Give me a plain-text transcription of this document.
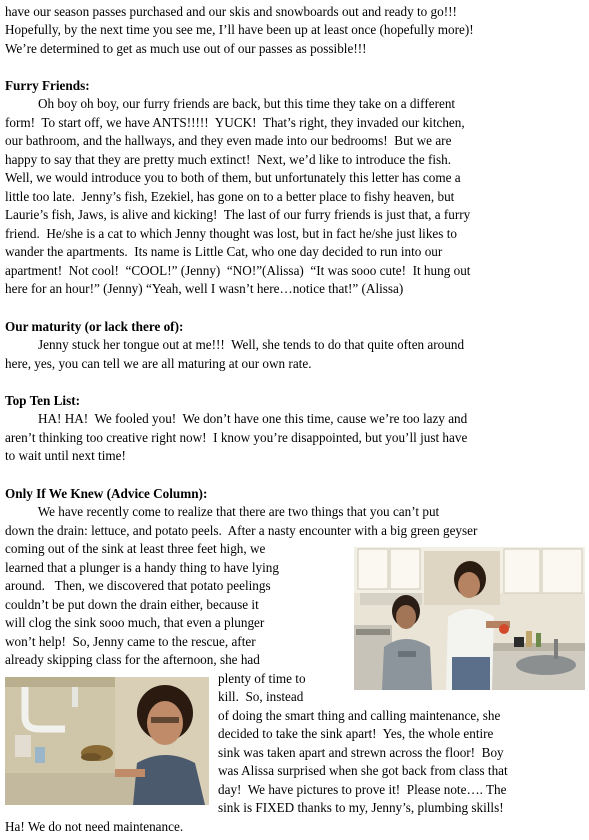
have our season passes purchased and our skis and snowboards out and ready to go!!!
Hopefully, by the next time you see me, I’ll have been up at least once (hopefully more)!
We’re determined to get as much use out of our passes as possible!!!
Furry Friends:
Oh boy oh boy, our furry friends are back, but this time they take on a different
form!  To start off, we have ANTS!!!!!  YUCK!  That’s right, they invaded our kitchen,
our bathroom, and the hallways, and they even made into our bedrooms!  But we are
happy to say that they are pretty much extinct!  Next, we’d like to introduce the fish.
Well, we would introduce you to both of them, but unfortunately this letter has come a
little too late.  Jenny’s fish, Ezekiel, has gone on to a better place to fishy heaven, but
Laurie’s fish, Jaws, is alive and kicking!  The last of our furry friends is just that, a furry
friend.  He/she is a cat to which Jenny thought was lost, but in fact he/she just likes to
wander the apartments.  Its name is Little Cat, who one day decided to run into our
apartment!  Not cool!  “COOL!” (Jenny)  “NO!”(Alissa)  “It was sooo cute!  It hung out
here for an hour!” (Jenny) “Yeah, well I wasn’t here…notice that!” (Alissa)
Our maturity (or lack there of):
Jenny stuck her tongue out at me!!!  Well, she tends to do that quite often around
here, yes, you can tell we are all maturing at our own rate.
Top Ten List:
HA! HA!  We fooled you!  We don’t have one this time, cause we’re too lazy and
aren’t thinking too creative right now!  I know you’re disappointed, but you’ll just have
to wait until next time!
Only If We Knew (Advice Column):
We have recently come to realize that there are two things that you can’t put
down the drain: lettuce, and potato peels.  After a nasty encounter with a big green geyser
coming out of the sink at least three feet high, we
learned that a plunger is a handy thing to have lying
around.   Then, we discovered that potato peelings
couldn’t be put down the drain either, because it
will clog the sink sooo much, that even a plunger
won’t help!  So, Jenny came to the rescue, after
already skipping class for the afternoon, she had
plenty of time to
kill.  So, instead
of doing the smart thing and calling maintenance, she
decided to take the sink apart!  Yes, the whole entire
sink was taken apart and strewn across the floor!  Boy
was Alissa surprised when she got back from class that
day!  We have pictures to prove it!  Please note…. The
sink is FIXED thanks to my, Jenny’s, plumbing skills!
Ha! We do not need maintenance.
